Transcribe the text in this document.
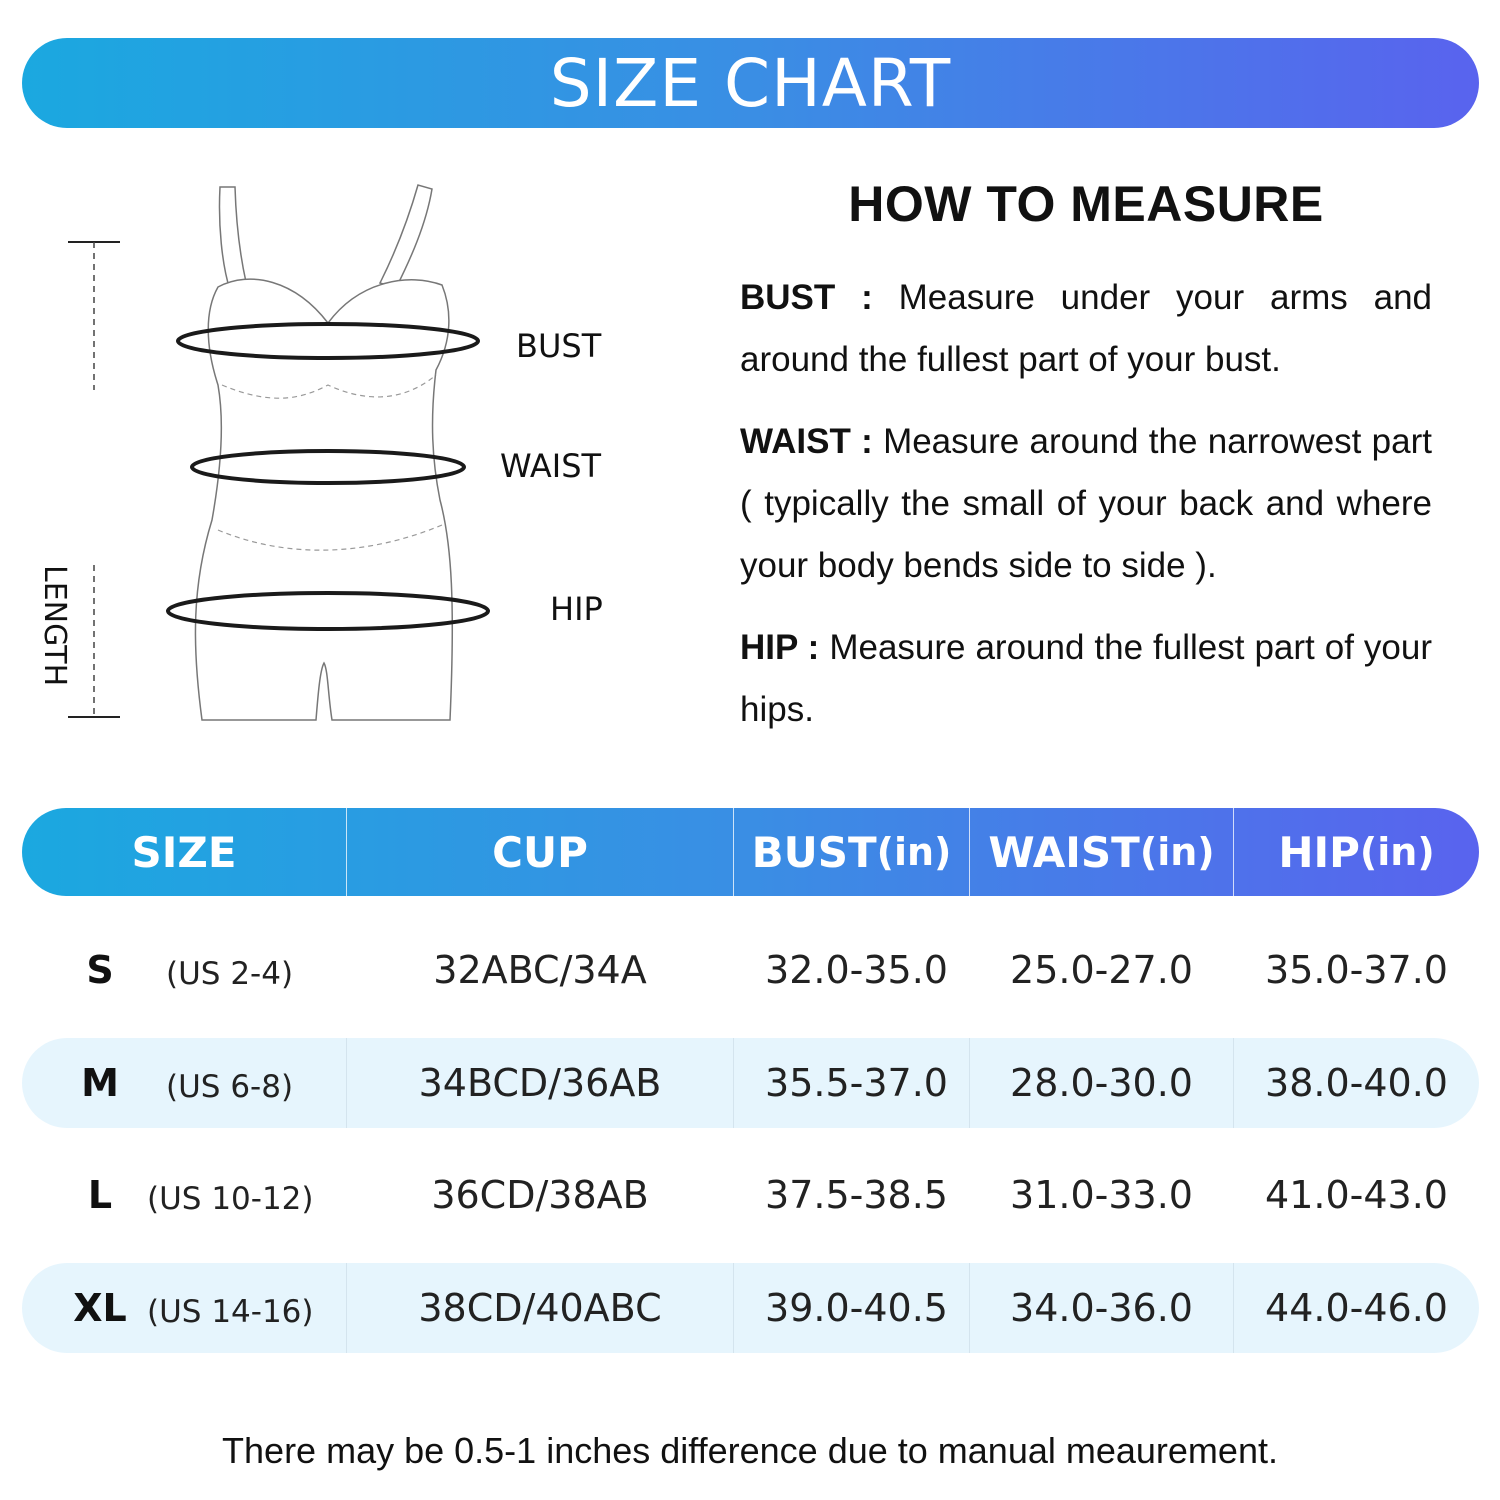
SIZE CHART
LENGTH
BUST
WAIST
HIP
HOW TO MEASURE
BUST : Measure under your arms and around the fullest part of your bust.
WAIST : Measure around the narrowest part ( typically the small of your back and where your body bends side to side ).
HIP : Measure around the fullest part of your hips.
SIZE	CUP	BUST (in) WAIST (in) HIP (in)
S	(US 2-4)	32ABC/34A	32.0-35.0	25.0-27.0	35.0-37.0
M	(US 6-8)	34BCD/36AB	35.5-37.0	28.0-30.0	38.0-40.0
L	(US 10-12)	36CD/38AB	37.5-38.5	31.0-33.0	41.0-43.0
XL (US 14-16)	38CD/40ABC	39.0-40.5	34.0-36.0	44.0-46.0
There may be 0.5-1 inches difference due to manual meaurement.
